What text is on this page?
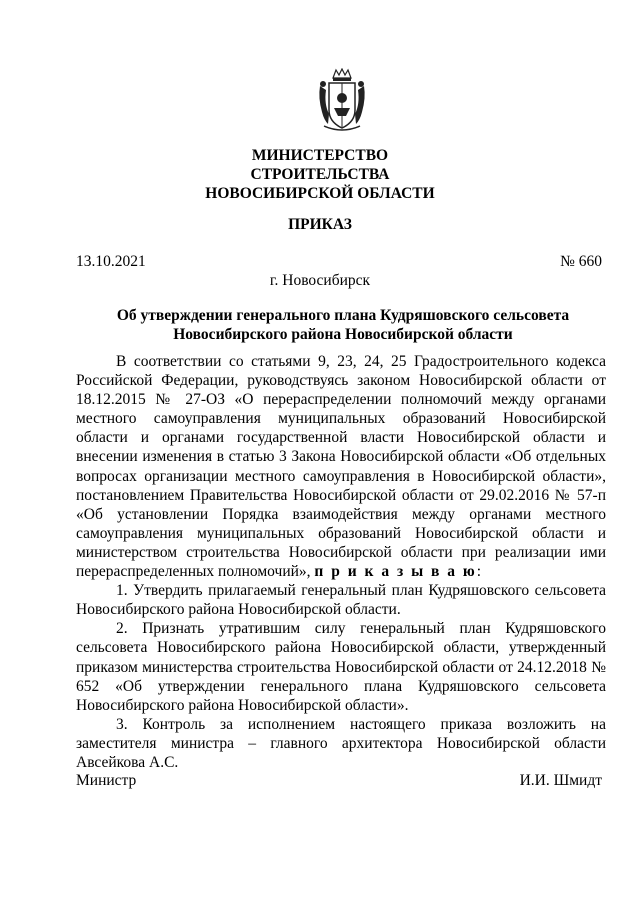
МИНИСТЕРСТВО
СТРОИТЕЛЬСТВА
НОВОСИБИРСКОЙ ОБЛАСТИ
ПРИКАЗ
13.10.2021	№ 660
г. Новосибирск
Об утверждении генерального плана Кудряшовского сельсовета
Новосибирского района Новосибирской области

В соответствии со статьями 9, 23, 24, 25 Градостроительного кодекса Российской Федерации, руководствуясь законом Новосибирской области от 18.12.2015 № 27-ОЗ «О перераспределении полномочий между органами местного самоуправления муниципальных образований Новосибирской области и органами государственной власти Новосибирской области и внесении изменения в статью 3 Закона Новосибирской области «Об отдельных вопросах организации местного самоуправления в Новосибирской области», постановлением Правительства Новосибирской области от 29.02.2016 № 57-п «Об установлении Порядка взаимодействия между органами местного самоуправления муниципальных образований Новосибирской области и министерством строительства Новосибирской области при реализации ими перераспределенных полномочий», п р и к а з ы в а ю:

1. Утвердить прилагаемый генеральный план Кудряшовского сельсовета Новосибирского района Новосибирской области.

2. Признать утратившим силу генеральный план Кудряшовского сельсовета Новосибирского района Новосибирской области, утвержденный приказом министерства строительства Новосибирской области от 24.12.2018 № 652 «Об утверждении генерального плана Кудряшовского сельсовета Новосибирского района Новосибирской области».

3. Контроль за исполнением настоящего приказа возложить на заместителя министра – главного архитектора Новосибирской области Авсейкова А.С.

Министр	И.И. Шмидт
